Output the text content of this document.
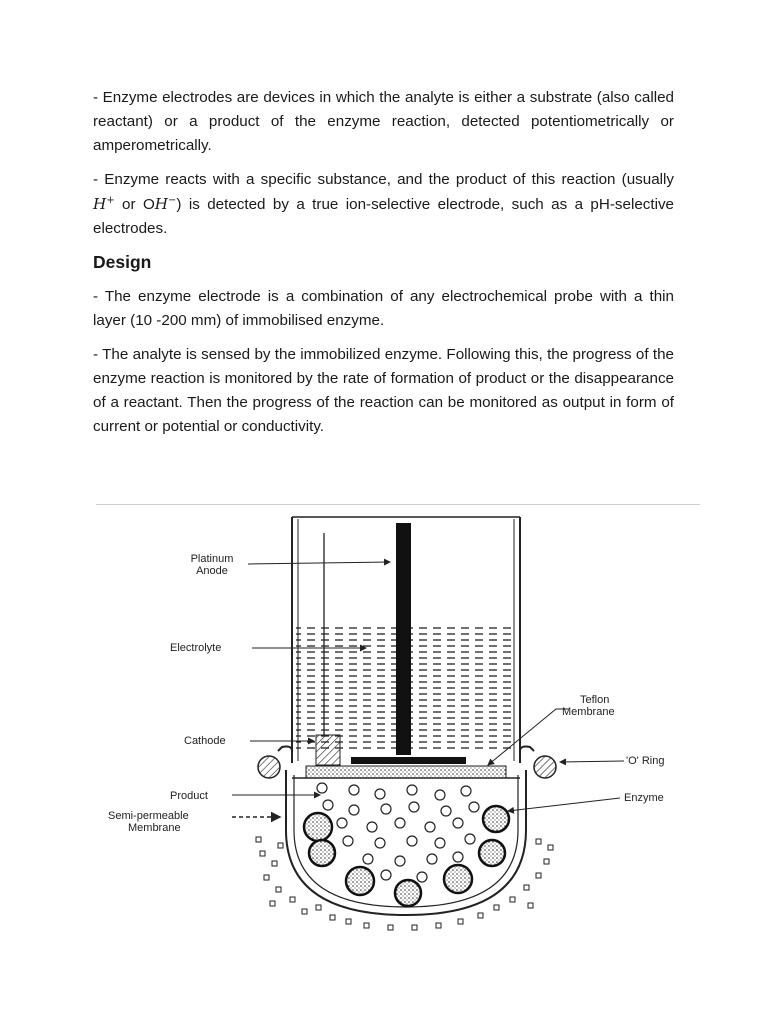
- Enzyme electrodes are devices in which the analyte is either a substrate (also called reactant) or a product of the enzyme reaction, detected potentiometrically or amperometrically.

- Enzyme reacts with a specific substance, and the product of this reaction (usually H+ or OH−) is detected by a true ion-selective electrode, such as a pH-selective electrodes.

Design

- The enzyme electrode is a combination of any electrochemical probe with a thin layer (10 -200 mm) of immobilised enzyme.

- The analyte is sensed by the immobilized enzyme. Following this, the progress of the enzyme reaction is monitored by the rate of formation of product or the disappearance of a reactant. Then the progress of the reaction can be monitored as output in form of current or potential or conductivity.

Platinum
Anode
Electrolyte
Cathode
Product
Semi-permeable
Membrane
Teflon
Membrane
'O' Ring
Enzyme
